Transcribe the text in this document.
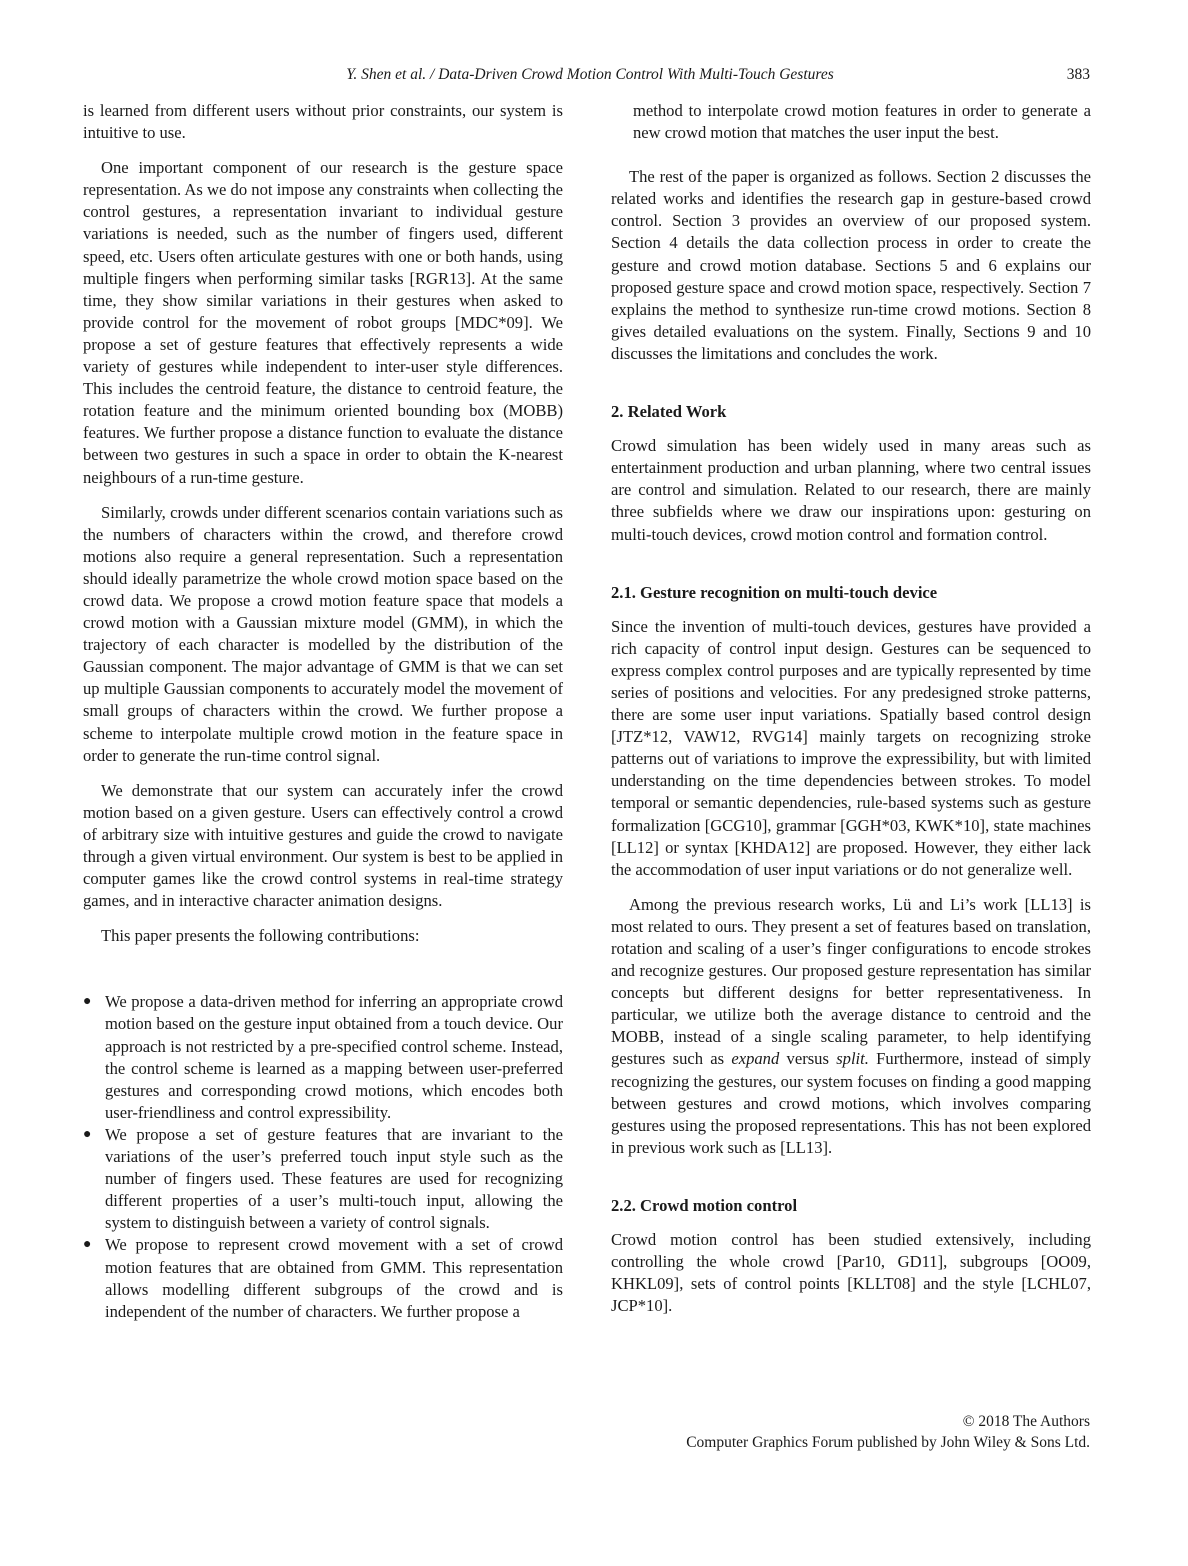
Y. Shen et al. / Data-Driven Crowd Motion Control With Multi-Touch Gestures	383

is learned from different users without prior constraints, our system is intuitive to use.

One important component of our research is the gesture space representation. As we do not impose any constraints when collecting the control gestures, a representation invariant to individual gesture variations is needed, such as the number of fingers used, different speed, etc. Users often articulate gestures with one or both hands, using multiple fingers when performing similar tasks [RGR13]. At the same time, they show similar variations in their gestures when asked to provide control for the movement of robot groups [MDC*09]. We propose a set of gesture features that effectively represents a wide variety of gestures while independent to inter-user style differences. This includes the centroid feature, the distance to centroid feature, the rotation feature and the minimum oriented bounding box (MOBB) features. We further propose a distance function to evaluate the distance between two gestures in such a space in order to obtain the K-nearest neighbours of a run-time gesture.

Similarly, crowds under different scenarios contain variations such as the numbers of characters within the crowd, and therefore crowd motions also require a general representation. Such a representation should ideally parametrize the whole crowd motion space based on the crowd data. We propose a crowd motion feature space that models a crowd motion with a Gaussian mixture model (GMM), in which the trajectory of each character is modelled by the distribution of the Gaussian component. The major advantage of GMM is that we can set up multiple Gaussian components to accurately model the movement of small groups of characters within the crowd. We further propose a scheme to interpolate multiple crowd motion in the feature space in order to generate the run-time control signal.

We demonstrate that our system can accurately infer the crowd motion based on a given gesture. Users can effectively control a crowd of arbitrary size with intuitive gestures and guide the crowd to navigate through a given virtual environment. Our system is best to be applied in computer games like the crowd control systems in real-time strategy games, and in interactive character animation designs.

This paper presents the following contributions:

● We propose a data-driven method for inferring an appropriate crowd motion based on the gesture input obtained from a touch device. Our approach is not restricted by a pre-specified control scheme. Instead, the control scheme is learned as a mapping between user-preferred gestures and corresponding crowd motions, which encodes both user-friendliness and control expressibility.
● We propose a set of gesture features that are invariant to the variations of the user’s preferred touch input style such as the number of fingers used. These features are used for recognizing different properties of a user’s multi-touch input, allowing the system to distinguish between a variety of control signals.
● We propose to represent crowd movement with a set of crowd motion features that are obtained from GMM. This representation allows modelling different subgroups of the crowd and is independent of the number of characters. We further propose a

method to interpolate crowd motion features in order to generate a new crowd motion that matches the user input the best.

The rest of the paper is organized as follows. Section 2 discusses the related works and identifies the research gap in gesture-based crowd control. Section 3 provides an overview of our proposed system. Section 4 details the data collection process in order to create the gesture and crowd motion database. Sections 5 and 6 explains our proposed gesture space and crowd motion space, respectively. Section 7 explains the method to synthesize run-time crowd motions. Section 8 gives detailed evaluations on the system. Finally, Sections 9 and 10 discusses the limitations and concludes the work.

2. Related Work

Crowd simulation has been widely used in many areas such as entertainment production and urban planning, where two central issues are control and simulation. Related to our research, there are mainly three subfields where we draw our inspirations upon: gesturing on multi-touch devices, crowd motion control and formation control.

2.1. Gesture recognition on multi-touch device

Since the invention of multi-touch devices, gestures have provided a rich capacity of control input design. Gestures can be sequenced to express complex control purposes and are typically represented by time series of positions and velocities. For any predesigned stroke patterns, there are some user input variations. Spatially based control design [JTZ*12, VAW12, RVG14] mainly targets on recognizing stroke patterns out of variations to improve the expressibility, but with limited understanding on the time dependencies between strokes. To model temporal or semantic dependencies, rule-based systems such as gesture formalization [GCG10], grammar [GGH*03, KWK*10], state machines [LL12] or syntax [KHDA12] are proposed. However, they either lack the accommodation of user input variations or do not generalize well.

Among the previous research works, Lü and Li’s work [LL13] is most related to ours. They present a set of features based on translation, rotation and scaling of a user’s finger configurations to encode strokes and recognize gestures. Our proposed gesture representation has similar concepts but different designs for better representativeness. In particular, we utilize both the average distance to centroid and the MOBB, instead of a single scaling parameter, to help identifying gestures such as expand versus split. Furthermore, instead of simply recognizing the gestures, our system focuses on finding a good mapping between gestures and crowd motions, which involves comparing gestures using the proposed representations. This has not been explored in previous work such as [LL13].

2.2. Crowd motion control

Crowd motion control has been studied extensively, including controlling the whole crowd [Par10, GD11], subgroups [OO09, KHKL09], sets of control points [KLLT08] and the style [LCHL07, JCP*10].

© 2018 The Authors
Computer Graphics Forum published by John Wiley & Sons Ltd.
